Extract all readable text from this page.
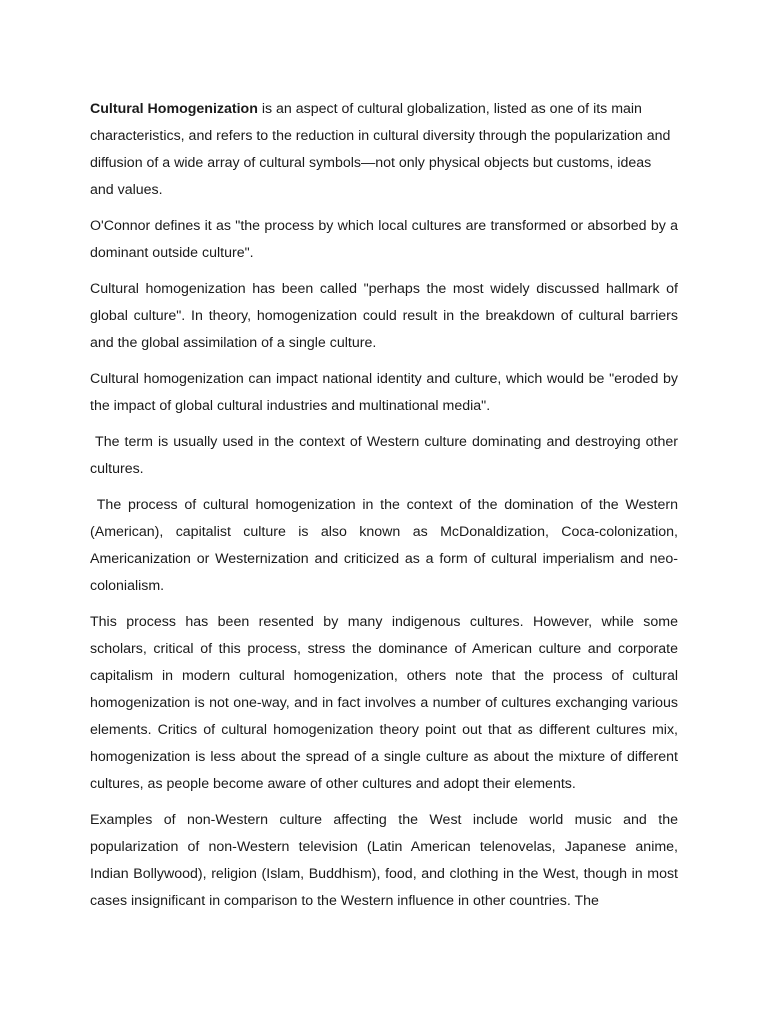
Cultural Homogenization is an aspect of cultural globalization, listed as one of its main characteristics, and refers to the reduction in cultural diversity through the popularization and diffusion of a wide array of cultural symbols—not only physical objects but customs, ideas and values.

O'Connor defines it as "the process by which local cultures are transformed or absorbed by a dominant outside culture".

Cultural homogenization has been called "perhaps the most widely discussed hallmark of global culture". In theory, homogenization could result in the breakdown of cultural barriers and the global assimilation of a single culture.

Cultural homogenization can impact national identity and culture, which would be "eroded by the impact of global cultural industries and multinational media".

The term is usually used in the context of Western culture dominating and destroying other cultures.

The process of cultural homogenization in the context of the domination of the Western (American), capitalist culture is also known as McDonaldization, Coca-colonization, Americanization or Westernization and criticized as a form of cultural imperialism and neo-colonialism.

This process has been resented by many indigenous cultures. However, while some scholars, critical of this process, stress the dominance of American culture and corporate capitalism in modern cultural homogenization, others note that the process of cultural homogenization is not one-way, and in fact involves a number of cultures exchanging various elements. Critics of cultural homogenization theory point out that as different cultures mix, homogenization is less about the spread of a single culture as about the mixture of different cultures, as people become aware of other cultures and adopt their elements.

Examples of non-Western culture affecting the West include world music and the popularization of non-Western television (Latin American telenovelas, Japanese anime, Indian Bollywood), religion (Islam, Buddhism), food, and clothing in the West, though in most cases insignificant in comparison to the Western influence in other countries. The
